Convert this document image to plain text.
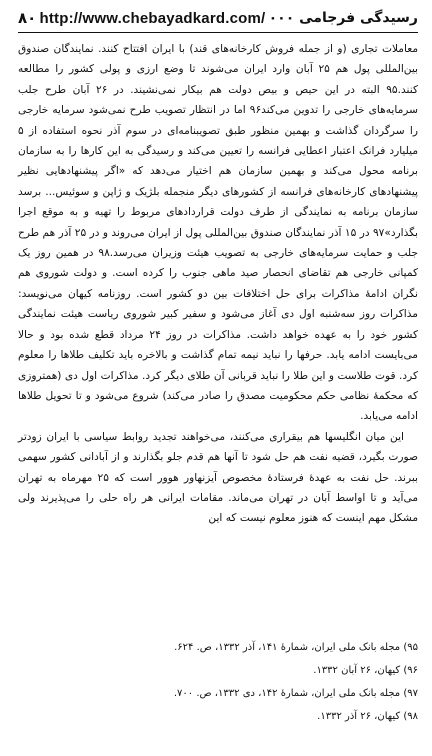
۸۰ http://www.chebayadkard.com/ رسیدگی فرجامی ۰۰۰

معاملات تجاری (و از جمله فروش کارخانه‌های قند) با ایران افتتاح کنند. نمایندگان صندوق بین‌المللی پول هم ۲۵ آبان وارد ایران می‌شوند تا وضع ارزی و پولی کشور را مطالعه کنند.۹۵ البته در این حیص و بیص دولت هم بیکار نمی‌نشیند. در ۲۶ آبان طرح جلب سرمایه‌های خارجی را تدوین می‌کند۹۶ اما در انتظار تصویب طرح نمی‌شود سرمایه خارجی را سرگردان گذاشت و بهمین منظور طبق تصویبنامه‌ای در سوم آذر نحوه استفاده از ۵ میلیارد فرانک اعتبار اعطایی فرانسه را تعیین می‌کند و رسیدگی به این کارها را به سازمان برنامه محول می‌کند و بهمین سازمان هم اختیار می‌دهد که «اگر پیشنهادهایی نظیر پیشنهادهای کارخانه‌های فرانسه از کشورهای دیگر منجمله بلژیک و ژاپن و سوئیس... برسد سازمان برنامه به نمایندگی از طرف دولت قراردادهای مربوط را تهیه و به موقع اجرا بگذارد»۹۷ در ۱۵ آذر نمایندگان صندوق بین‌المللی پول از ایران می‌روند و در ۲۵ آذر هم طرح جلب و حمایت سرمایه‌های خارجی به تصویب هیئت وزیران می‌رسد.۹۸ در همین روز یک کمپانی خارجی هم تقاضای انحصار صید ماهی جنوب را کرده است. و دولت شوروی هم نگران ادامهٔ مذاکرات برای حل اختلافات بین دو کشور است. روزنامه کیهان می‌نویسد: مذاکرات روز سه‌شنبه اول دی آغاز می‌شود و سفیر کبیر شوروی ریاست هیئت نمایندگی کشور خود را به عهده خواهد داشت. مذاکرات در روز ۲۴ مرداد قطع شده بود و حالا می‌بایست ادامه یابد. حرفها را نباید نیمه تمام گذاشت و بالاخره باید تکلیف طلاها را معلوم کرد. قوت طلاست و این طلا را نباید قربانی آن طلای دیگر کرد. مذاکرات اول دی (همتروزی که محکمهٔ نظامی حکم محکومیت مصدق را صادر می‌کند) شروع می‌شود و تا تحویل طلاها ادامه می‌یابد.

این میان انگلیسها هم بیقراری می‌کنند، می‌خواهند تجدید روابط سیاسی با ایران زودتر صورت بگیرد، قضیه نفت هم حل شود تا آنها هم قدم جلو بگذارند و از آبادانی کشور سهمی ببرند. حل نفت به عهدهٔ فرستادهٔ مخصوص آیزنهاور هوور است که ۲۵ مهرماه به تهران می‌آید و تا اواسط آبان در تهران می‌ماند. مقامات ایرانی هر راه حلی را می‌پذیرند ولی مشکل مهم اینست که هنوز معلوم نیست که این

۹۵) مجله بانک ملی ایران، شمارهٔ ۱۴۱، آذر ۱۳۳۲، ص. ۶۲۴.
۹۶) کیهان، ۲۶ آبان ۱۳۳۲.
۹۷) مجله بانک ملی ایران، شمارهٔ ۱۴۲، دی ۱۳۳۲، ص. ۷۰۰.
۹۸) کیهان، ۲۶ آذر ۱۳۳۲.
